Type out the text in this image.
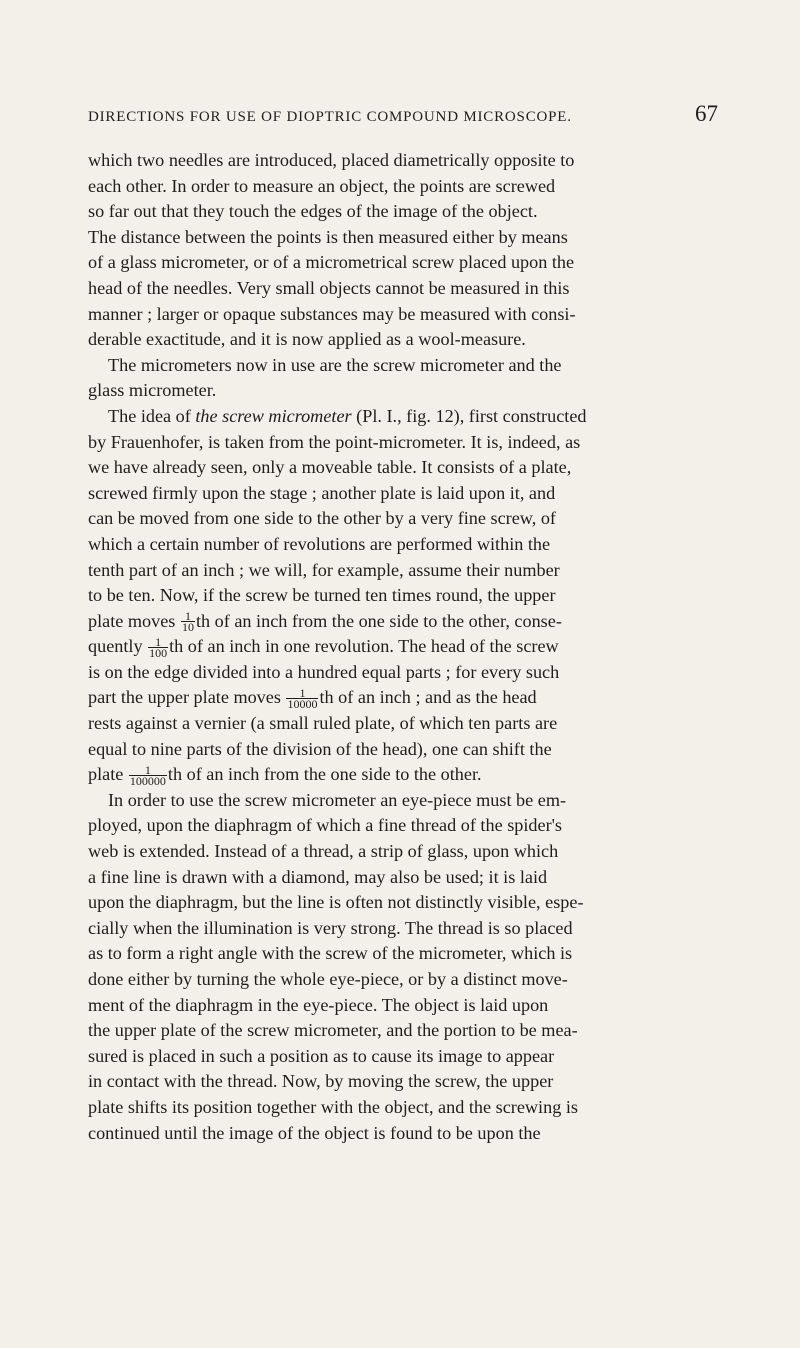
DIRECTIONS FOR USE OF DIOPTRIC COMPOUND MICROSCOPE.	67

which two needles are introduced, placed diametrically opposite to
each other. In order to measure an object, the points are screwed
so far out that they touch the edges of the image of the object.
The distance between the points is then measured either by means
of a glass micrometer, or of a micrometrical screw placed upon the
head of the needles. Very small objects cannot be measured in this
manner ; larger or opaque substances may be measured with consi-
derable exactitude, and it is now applied as a wool-measure.

The micrometers now in use are the screw micrometer and the
glass micrometer.

The idea of the screw micrometer (Pl. I., fig. 12), first constructed
by Frauenhofer, is taken from the point-micrometer. It is, indeed, as
we have already seen, only a moveable table. It consists of a plate,
screwed firmly upon the stage ; another plate is laid upon it, and
can be moved from one side to the other by a very fine screw, of
which a certain number of revolutions are performed within the
tenth part of an inch ; we will, for example, assume their number
to be ten. Now, if the screw be turned ten times round, the upper
plate moves $\frac{1}{10}$ th of an inch from the one side to the other, conse-
quently $\frac{1}{100}$ th of an inch in one revolution. The head of the screw
is on the edge divided into a hundred equal parts ; for every such
part the upper plate moves $\frac{1}{10000}$ th of an inch ; and as the head
rests against a vernier (a small ruled plate, of which ten parts are
equal to nine parts of the division of the head), one can shift the
plate $\frac{1}{100000}$ th of an inch from the one side to the other.

In order to use the screw micrometer an eye-piece must be em-
ployed, upon the diaphragm of which a fine thread of the spider's
web is extended. Instead of a thread, a strip of glass, upon which
a fine line is drawn with a diamond, may also be used; it is laid
upon the diaphragm, but the line is often not distinctly visible, espe-
cially when the illumination is very strong. The thread is so placed
as to form a right angle with the screw of the micrometer, which is
done either by turning the whole eye-piece, or by a distinct move-
ment of the diaphragm in the eye-piece. The object is laid upon
the upper plate of the screw micrometer, and the portion to be mea-
sured is placed in such a position as to cause its image to appear
in contact with the thread. Now, by moving the screw, the upper
plate shifts its position together with the object, and the screwing is
continued until the image of the object is found to be upon the
